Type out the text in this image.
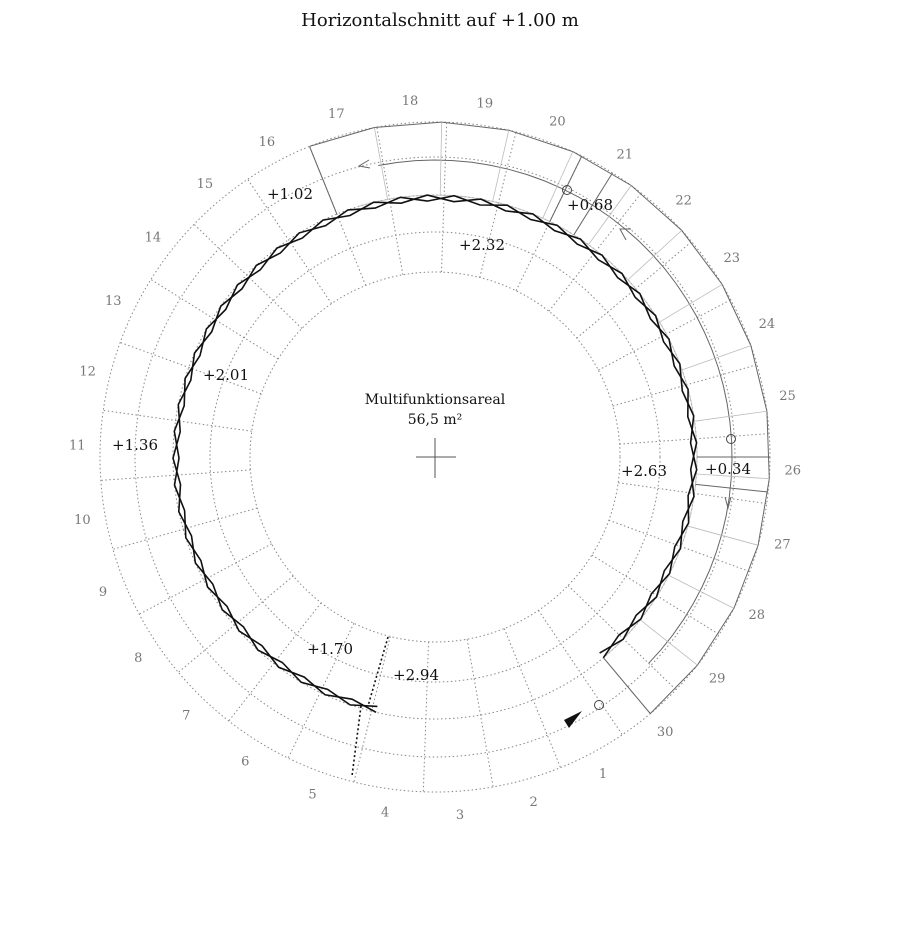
Horizontalschnitt auf +1.00 m
Multifunktionsareal
56,5 m²
1
2
3
4
5
6
7
8
9
10
11
12
13
14
15
16
17
18	19
20
21
22
23
24
25
26
27
28
29
30
+0.34
+0.68
+1.02
+1.36
+1.70
+2.01
+2.32
+2.63
+2.94
